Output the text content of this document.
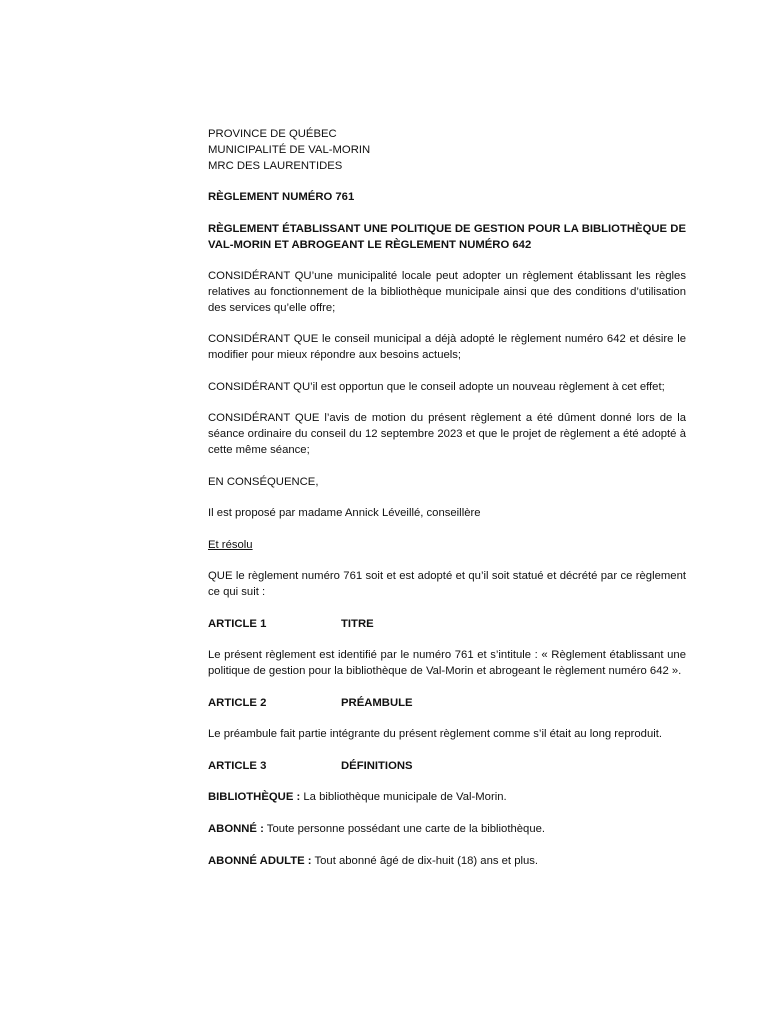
PROVINCE DE QUÉBEC
MUNICIPALITÉ DE VAL-MORIN
MRC DES LAURENTIDES

RÈGLEMENT NUMÉRO 761

RÈGLEMENT ÉTABLISSANT UNE POLITIQUE DE GESTION POUR LA BIBLIOTHÈQUE DE VAL-MORIN ET ABROGEANT LE RÈGLEMENT NUMÉRO 642

CONSIDÉRANT QU’une municipalité locale peut adopter un règlement établissant les règles relatives au fonctionnement de la bibliothèque municipale ainsi que des conditions d’utilisation des services qu’elle offre;

CONSIDÉRANT QUE le conseil municipal a déjà adopté le règlement numéro 642 et désire le modifier pour mieux répondre aux besoins actuels;

CONSIDÉRANT QU’il est opportun que le conseil adopte un nouveau règlement à cet effet;

CONSIDÉRANT QUE l’avis de motion du présent règlement a été dûment donné lors de la séance ordinaire du conseil du 12 septembre 2023 et que le projet de règlement a été adopté à cette même séance;

EN CONSÉQUENCE,

Il est proposé par madame Annick Léveillé, conseillère

Et résolu

QUE le règlement numéro 761 soit et est adopté et qu’il soit statué et décrété par ce règlement ce qui suit :

ARTICLE 1	TITRE

Le présent règlement est identifié par le numéro 761 et s’intitule : « Règlement établissant une politique de gestion pour la bibliothèque de Val-Morin et abrogeant le règlement numéro 642 ».

ARTICLE 2	PRÉAMBULE

Le préambule fait partie intégrante du présent règlement comme s’il était au long reproduit.

ARTICLE 3	DÉFINITIONS

BIBLIOTHÈQUE : La bibliothèque municipale de Val-Morin.

ABONNÉ : Toute personne possédant une carte de la bibliothèque.

ABONNÉ ADULTE : Tout abonné âgé de dix-huit (18) ans et plus.
